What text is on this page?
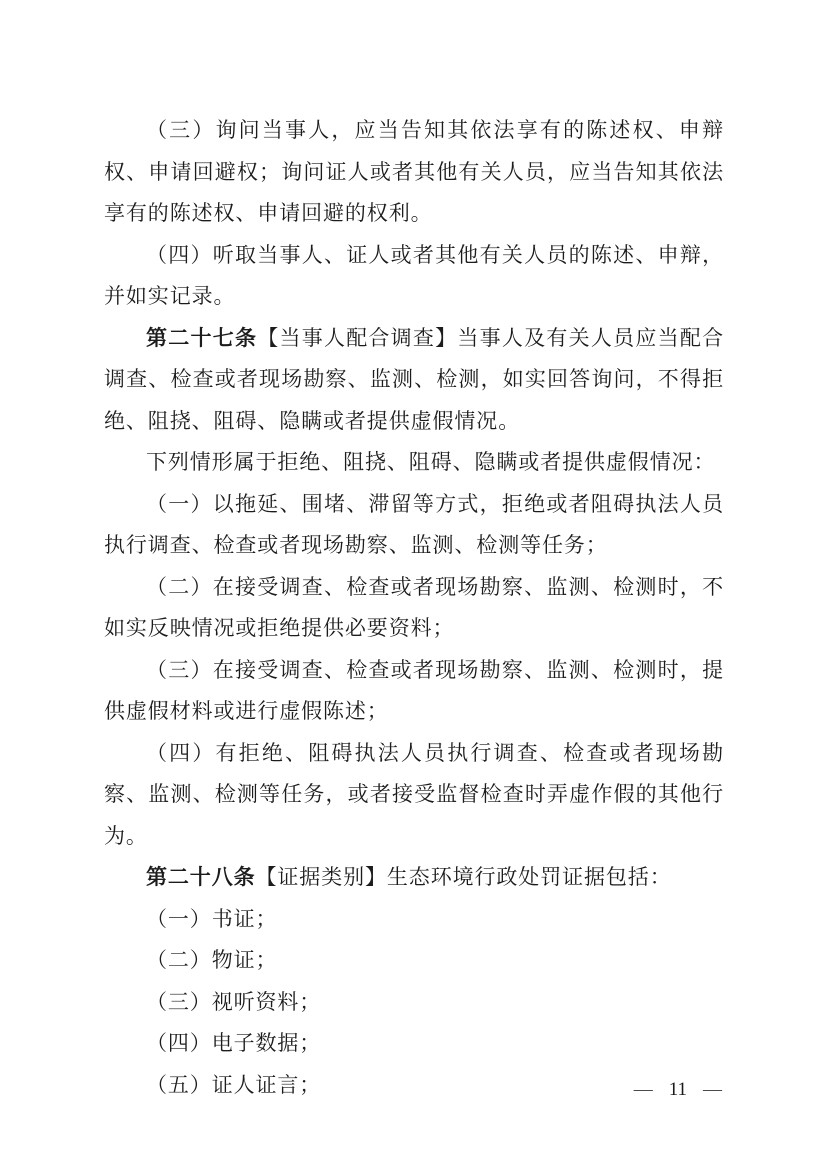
（三）询问当事人，应当告知其依法享有的陈述权、申辩权、申请回避权；询问证人或者其他有关人员，应当告知其依法享有的陈述权、申请回避的权利。

（四）听取当事人、证人或者其他有关人员的陈述、申辩，并如实记录。

第二十七条【当事人配合调查】当事人及有关人员应当配合调查、检查或者现场勘察、监测、检测，如实回答询问，不得拒绝、阻挠、阻碍、隐瞒或者提供虚假情况。

下列情形属于拒绝、阻挠、阻碍、隐瞒或者提供虚假情况：

（一）以拖延、围堵、滞留等方式，拒绝或者阻碍执法人员执行调查、检查或者现场勘察、监测、检测等任务；

（二）在接受调查、检查或者现场勘察、监测、检测时，不如实反映情况或拒绝提供必要资料；

（三）在接受调查、检查或者现场勘察、监测、检测时，提供虚假材料或进行虚假陈述；

（四）有拒绝、阻碍执法人员执行调查、检查或者现场勘察、监测、检测等任务，或者接受监督检查时弄虚作假的其他行为。

第二十八条【证据类别】生态环境行政处罚证据包括：

（一）书证；

（二）物证；

（三）视听资料；

（四）电子数据；

（五）证人证言；	— 11 —
